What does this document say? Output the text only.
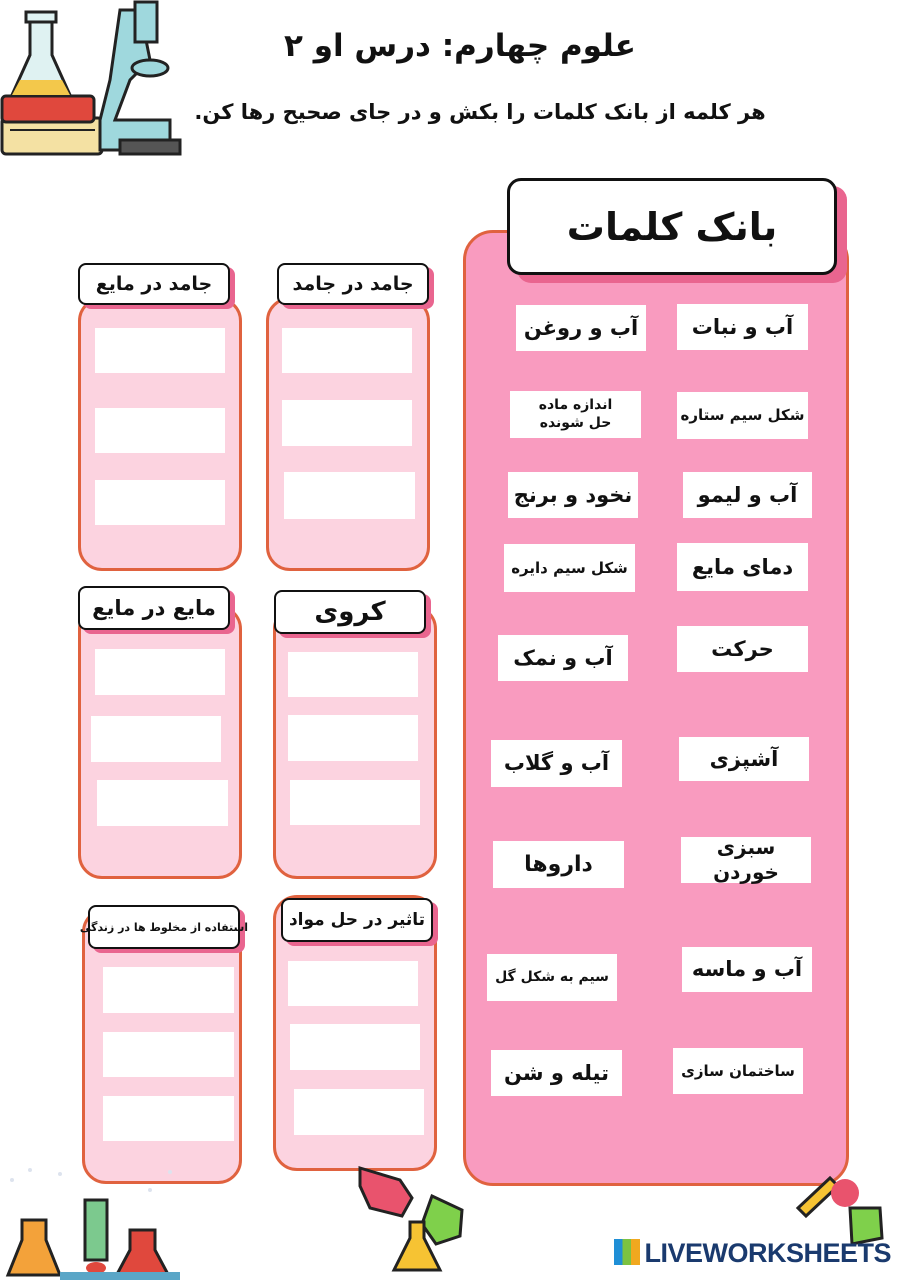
علوم چهارم: درس او ۲
هر کلمه از بانک کلمات را بکش و در جای صحیح رها کن.
بانک کلمات
آب و نبات
شکل سیم ستاره
آب و لیمو
دمای مایع
حرکت
آشپزی
سبزی خوردن
آب و ماسه
ساختمان سازی
آب و روغن
اندازه ماده حل شونده
نخود و برنج
شکل سیم دایره
آب و نمک
آب و گلاب
داروها
سیم به شکل گل
تیله و شن
جامد در جامد
جامد در مایع
کروی
مایع در مایع
تاثیر در حل مواد
استفاده از مخلوط ها در زندگی
LIVEWORKSHEETS
